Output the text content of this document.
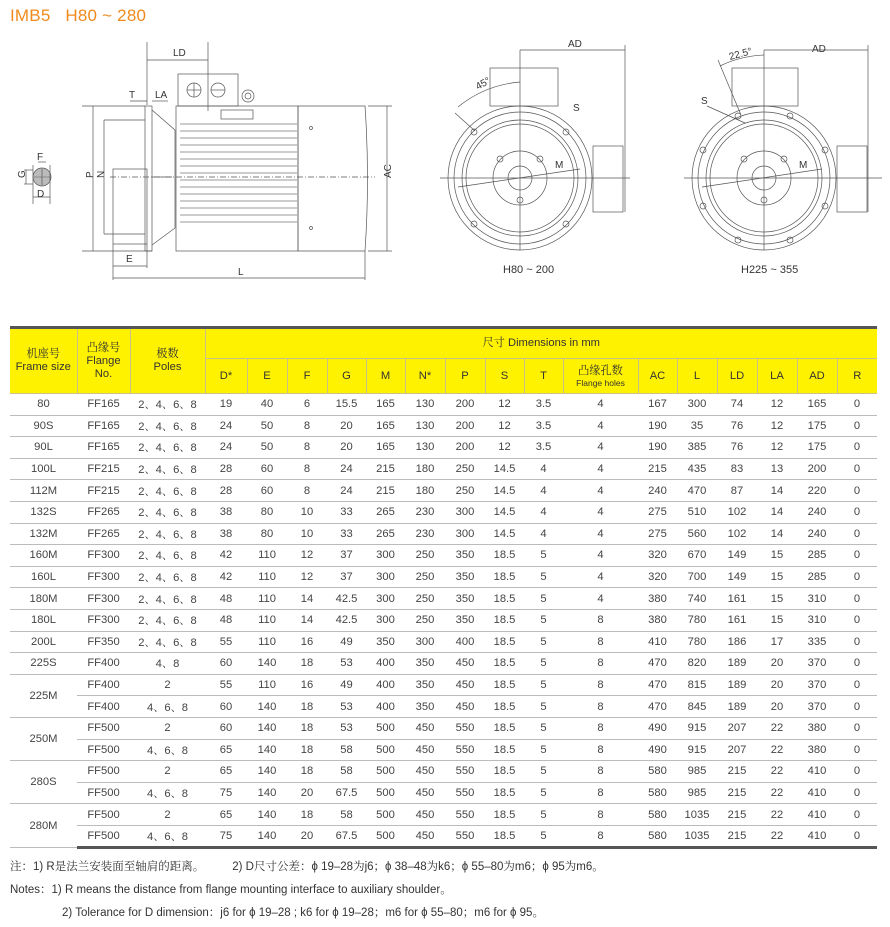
IMB5 H80 ~ 280
LD
T LA
F
G
D
P N	AC
E
L
AD
45°
S
M
H80 ~ 200
AD
22.5°
S
M
H225 ~ 355
机座号
Frame size	凸缘号
Flange
No.	极数
Poles	尺寸 Dimensions in mm															
			D*	E	F	G	M	N*	P	S	T	凸缘孔数
Flange holes	AC	L	LD	LA	AD	R
80	FF165	2、4、6、8	19	40	6	15.5	165	130	200	12	3.5	4	167	300	74	12	165	0
90S	FF165	2、4、6、8	24	50	8	20	165	130	200	12	3.5	4	190	35	76	12	175	0
90L	FF165	2、4、6、8	24	50	8	20	165	130	200	12	3.5	4	190	385	76	12	175	0
100L	FF215	2、4、6、8	28	60	8	24	215	180	250	14.5	4	4	215	435	83	13	200	0
112M	FF215	2、4、6、8	28	60	8	24	215	180	250	14.5	4	4	240	470	87	14	220	0
132S	FF265	2、4、6、8	38	80	10	33	265	230	300	14.5	4	4	275	510	102	14	240	0
132M	FF265	2、4、6、8	38	80	10	33	265	230	300	14.5	4	4	275	560	102	14	240	0
160M	FF300	2、4、6、8	42	110	12	37	300	250	350	18.5	5	4	320	670	149	15	285	0
160L	FF300	2、4、6、8	42	110	12	37	300	250	350	18.5	5	4	320	700	149	15	285	0
180M	FF300	2、4、6、8	48	110	14	42.5	300	250	350	18.5	5	4	380	740	161	15	310	0
180L	FF300	2、4、6、8	48	110	14	42.5	300	250	350	18.5	5	8	380	780	161	15	310	0
200L	FF350	2、4、6、8	55	110	16	49	350	300	400	18.5	5	8	410	780	186	17	335	0
225S	FF400	4、8	60	140	18	53	400	350	450	18.5	5	8	470	820	189	20	370	0
225M	FF400	2	55	110	16	49	400	350	450	18.5	5	8	470	815	189	20	370	0
	FF400	4、6、8	60	140	18	53	400	350	450	18.5	5	8	470	845	189	20	370	0
250M	FF500	2	60	140	18	53	500	450	550	18.5	5	8	490	915	207	22	380	0
	FF500	4、6、8	65	140	18	58	500	450	550	18.5	5	8	490	915	207	22	380	0
280S	FF500	2	65	140	18	58	500	450	550	18.5	5	8	580	985	215	22	410	0
	FF500	4、6、8	75	140	20	67.5	500	450	550	18.5	5	8	580	985	215	22	410	0
280M	FF500	2	65	140	18	58	500	450	550	18.5	5	8	580	1035	215	22	410	0
	FF500	4、6、8	75	140	20	67.5	500	450	550	18.5	5	8	580	1035	215	22	410	0
注：1) R是法兰安装面至轴肩的距离。 2) D尺寸公差：ϕ 19–28为j6；ϕ 38–48为k6；ϕ 55–80为m6；ϕ 95为m6。
Notes：1) R means the distance from flange mounting interface to auxiliary shoulder。
2) Tolerance for D dimension：j6 for ϕ 19–28 ; k6 for ϕ 19–28；m6 for ϕ 55–80；m6 for ϕ 95。
